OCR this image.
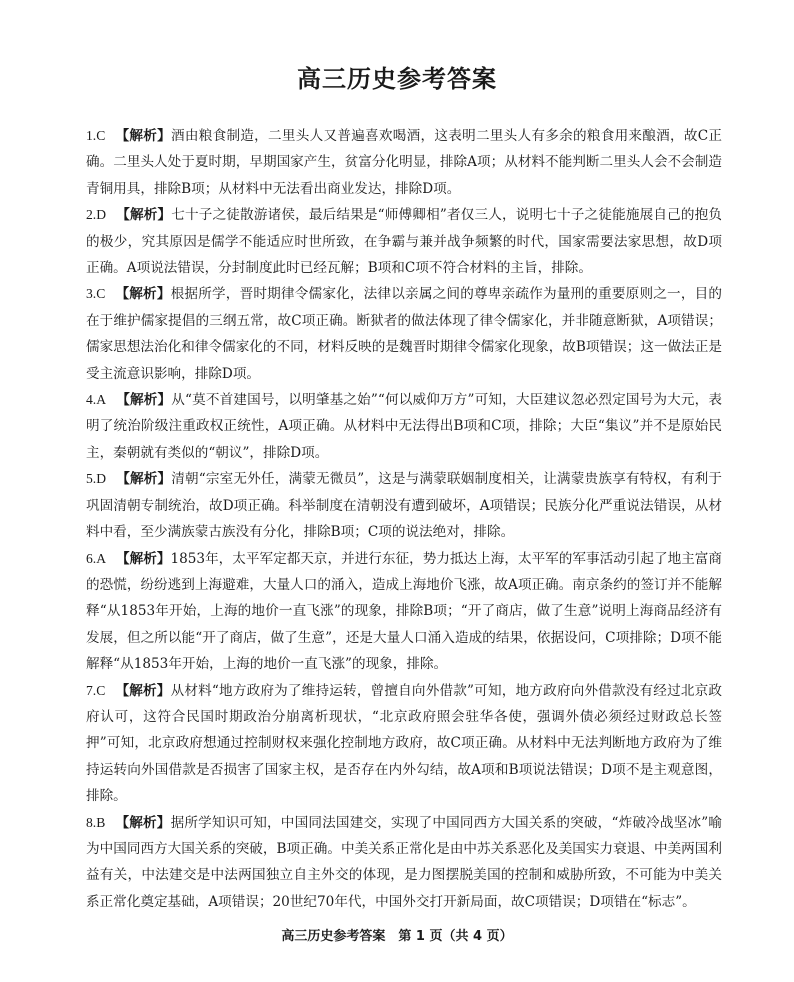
高三历史参考答案

1.C 【解析】酒由粮食制造，二里头人又普遍喜欢喝酒，这表明二里头人有多余的粮食用来酿酒，故C正确。二里头人处于夏时期，早期国家产生，贫富分化明显，排除A项；从材料不能判断二里头人会不会制造青铜用具，排除B项；从材料中无法看出商业发达，排除D项。

2.D 【解析】七十子之徒散游诸侯，最后结果是“师傅卿相”者仅三人，说明七十子之徒能施展自己的抱负的极少，究其原因是儒学不能适应时世所致，在争霸与兼并战争频繁的时代，国家需要法家思想，故D项正确。A项说法错误，分封制度此时已经瓦解；B项和C项不符合材料的主旨，排除。

3.C 【解析】根据所学，晋时期律令儒家化，法律以亲属之间的尊卑亲疏作为量刑的重要原则之一，目的在于维护儒家提倡的三纲五常，故C项正确。断狱者的做法体现了律令儒家化，并非随意断狱，A项错误；儒家思想法治化和律令儒家化的不同，材料反映的是魏晋时期律令儒家化现象，故B项错误；这一做法正是受主流意识影响，排除D项。

4.A 【解析】从“莫不首建国号，以明肇基之始”“何以威仰万方”可知，大臣建议忽必烈定国号为大元，表明了统治阶级注重政权正统性，A项正确。从材料中无法得出B项和C项，排除；大臣“集议”并不是原始民主，秦朝就有类似的“朝议”，排除D项。

5.D 【解析】清朝“宗室无外任，满蒙无微员”，这是与满蒙联姻制度相关，让满蒙贵族享有特权，有利于巩固清朝专制统治，故D项正确。科举制度在清朝没有遭到破坏，A项错误；民族分化严重说法错误，从材料中看，至少满族蒙古族没有分化，排除B项；C项的说法绝对，排除。

6.A 【解析】1853年，太平军定都天京，并进行东征，势力抵达上海，太平军的军事活动引起了地主富商的恐慌，纷纷逃到上海避难，大量人口的涌入，造成上海地价飞涨，故A项正确。南京条约的签订并不能解释“从1853年开始，上海的地价一直飞涨”的现象，排除B项；“开了商店，做了生意”说明上海商品经济有发展，但之所以能“开了商店，做了生意”，还是大量人口涌入造成的结果，依据设问，C项排除；D项不能解释“从1853年开始，上海的地价一直飞涨”的现象，排除。

7.C 【解析】从材料“地方政府为了维持运转，曾擅自向外借款”可知，地方政府向外借款没有经过北京政府认可，这符合民国时期政治分崩离析现状，“北京政府照会驻华各使，强调外债必须经过财政总长签押”可知，北京政府想通过控制财权来强化控制地方政府，故C项正确。从材料中无法判断地方政府为了维持运转向外国借款是否损害了国家主权，是否存在内外勾结，故A项和B项说法错误；D项不是主观意图，排除。

8.B 【解析】据所学知识可知，中国同法国建交，实现了中国同西方大国关系的突破，“炸破冷战坚冰”喻为中国同西方大国关系的突破，B项正确。中美关系正常化是由中苏关系恶化及美国实力衰退、中美两国利益有关，中法建交是中法两国独立自主外交的体现，是力图摆脱美国的控制和威胁所致，不可能为中美关系正常化奠定基础，A项错误；20世纪70年代，中国外交打开新局面，故C项错误；D项错在“标志”。

高三历史参考答案　第 1 页（共 4 页）
